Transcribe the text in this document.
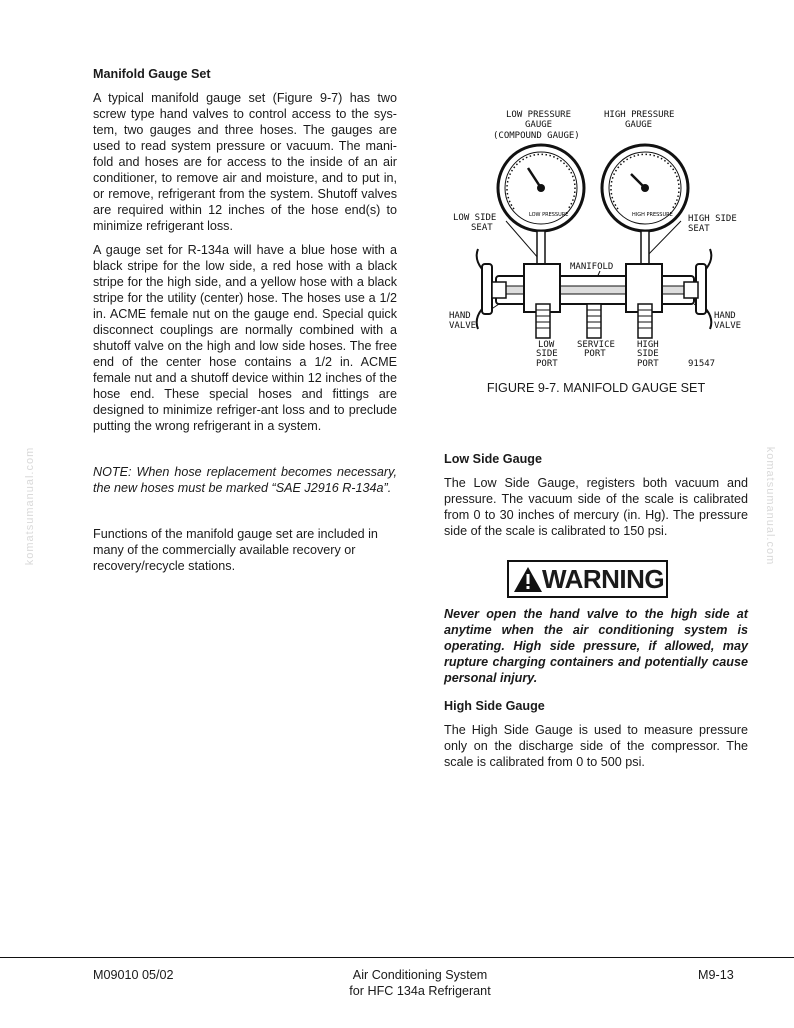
komatsumanual.com	komatsumanual.com
Manifold Gauge Set

A typical manifold gauge set (Figure 9-7) has two screw type hand valves to control access to the sys-tem, two gauges and three hoses. The gauges are used to read system pressure or vacuum. The mani-fold and hoses are for access to the inside of an air conditioner, to remove air and moisture, and to put in, or remove, refrigerant from the system. Shutoff valves are required within 12 inches of the hose end(s) to minimize refrigerant loss.

A gauge set for R-134a will have a blue hose with a black stripe for the low side, a red hose with a black stripe for the high side, and a yellow hose with a black stripe for the utility (center) hose. The hoses use a 1/2 in. ACME female nut on the gauge end. Special quick disconnect couplings are normally combined with a shutoff valve on the high and low side hoses. The free end of the center hose contains a 1/2 in. ACME female nut and a shutoff device within 12 inches of the hose end. These special hoses and fittings are designed to minimize refriger-ant loss and to preclude putting the wrong refrigerant in a system.

NOTE: When hose replacement becomes necessary, the new hoses must be marked “SAE J2916 R-134a”.

Functions of the manifold gauge set are included in many of the commercially available recovery or recovery/recycle stations.

LOW PRESSURE
GAUGE
(COMPOUND GAUGE)
HIGH PRESSURE
GAUGE
LOW SIDE
SEAT
HIGH SIDE
SEAT
MANIFOLD
HAND
VALVE
HAND
VALVE
LOW
SIDE
PORT
SERVICE
PORT
HIGH
SIDE
PORT	91547
LOW PRESSURE	HIGH PRESSURE
FIGURE 9-7. MANIFOLD GAUGE SET
Low Side Gauge

The Low Side Gauge, registers both vacuum and pressure. The vacuum side of the scale is calibrated from 0 to 30 inches of mercury (in. Hg). The pressure side of the scale is calibrated to 150 psi.

WARNING

Never open the hand valve to the high side at anytime when the air conditioning system is operating. High side pressure, if allowed, may rupture charging containers and potentially cause personal injury.

High Side Gauge

The High Side Gauge is used to measure pressure only on the discharge side of the compressor. The scale is calibrated from 0 to 500 psi.

M09010 05/02	Air Conditioning System
for HFC 134a Refrigerant
M9-13
